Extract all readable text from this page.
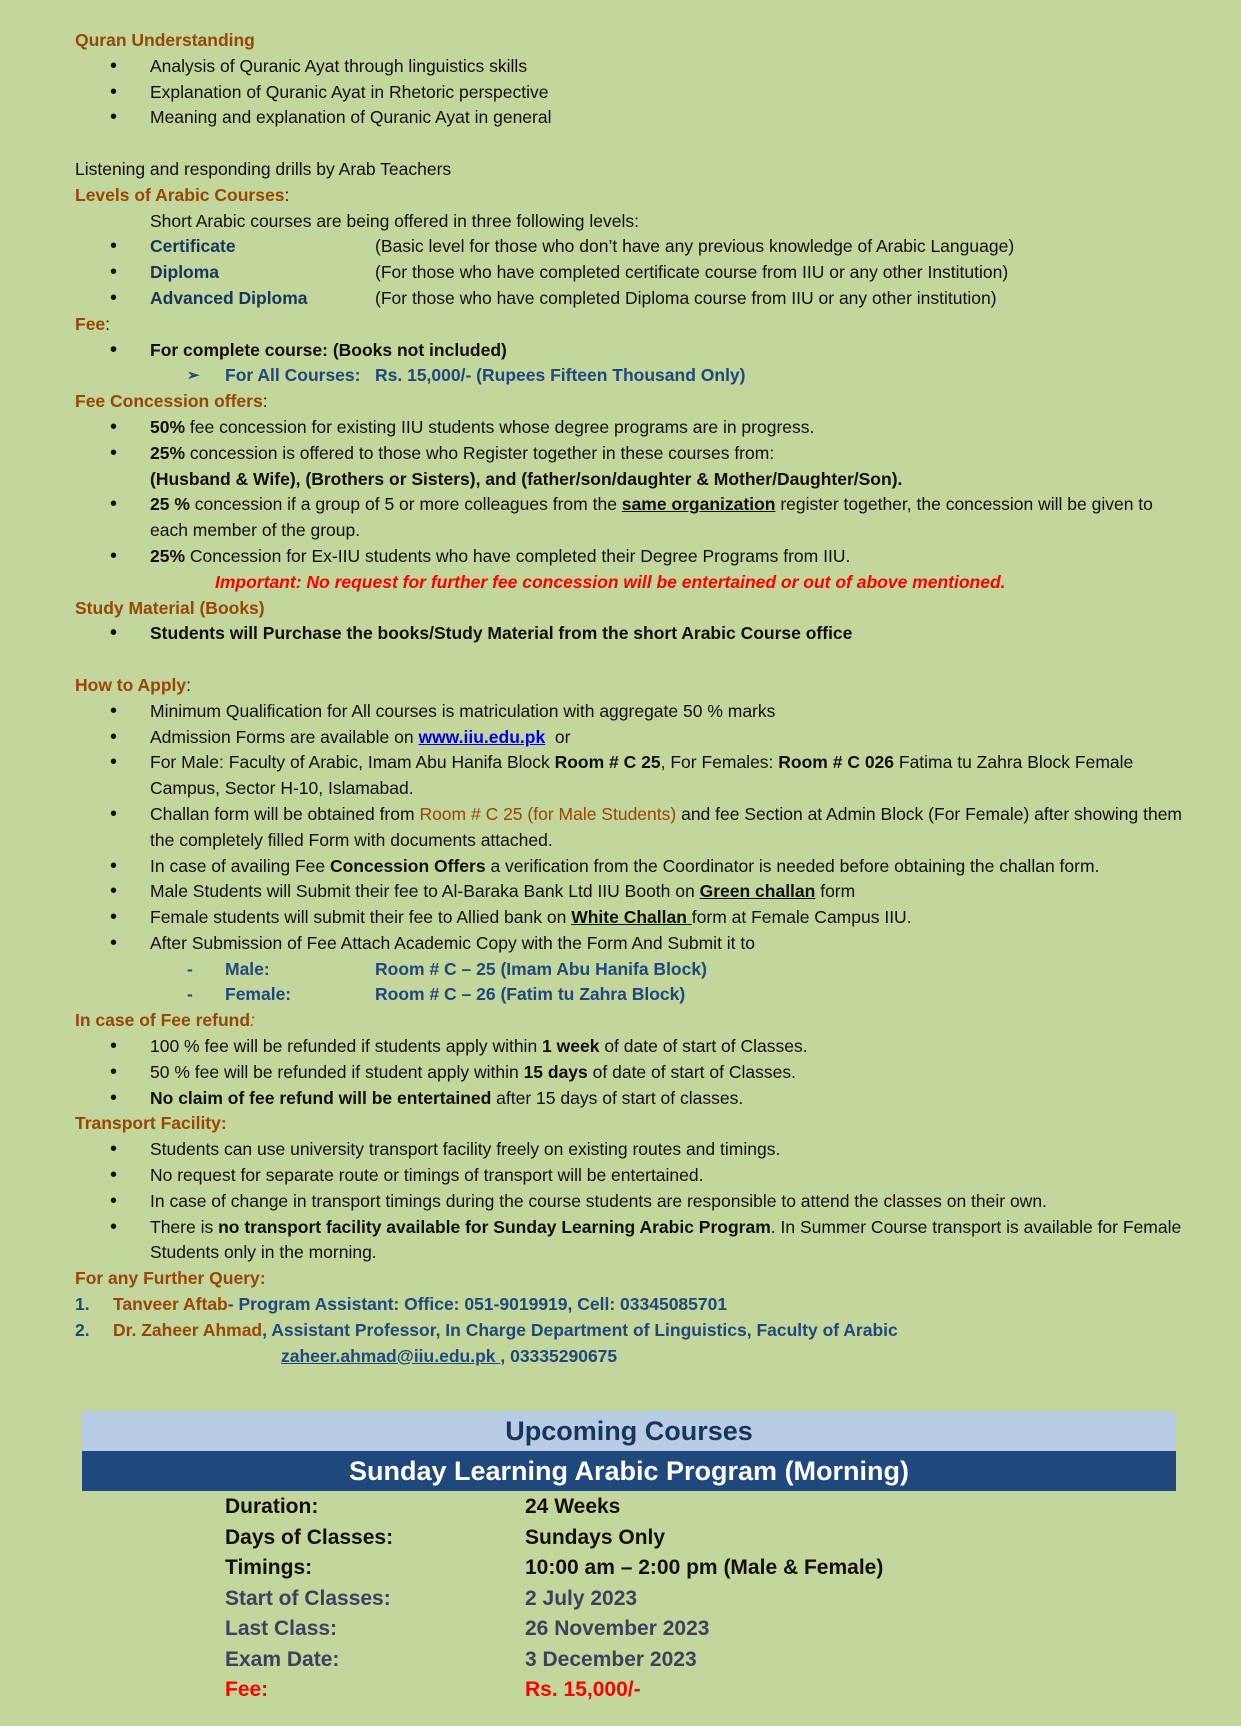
Quran Understanding

• Analysis of Quranic Ayat through linguistics skills
• Explanation of Quranic Ayat in Rhetoric perspective
• Meaning and explanation of Quranic Ayat in general

Listening and responding drills by Arab Teachers

Levels of Arabic Courses:

Short Arabic courses are being offered in three following levels:

• Certificate	(Basic level for those who don’t have any previous knowledge of Arabic Language)
• Diploma	(For those who have completed certificate course from IIU or any other Institution)
• Advanced Diploma	(For those who have completed Diploma course from IIU or any other institution)

Fee:

• For complete course: (Books not included)
➢ For All Courses: Rs. 15,000/- (Rupees Fifteen Thousand Only)

Fee Concession offers:

• 50% fee concession for existing IIU students whose degree programs are in progress.
• 25% concession is offered to those who Register together in these courses from:
(Husband & Wife), (Brothers or Sisters), and (father/son/daughter & Mother/Daughter/Son).
• 25 % concession if a group of 5 or more colleagues from the same organization register together, the concession will be given to each member of the group.
• 25% Concession for Ex-IIU students who have completed their Degree Programs from IIU.

Important: No request for further fee concession will be entertained or out of above mentioned.

Study Material (Books)

• Students will Purchase the books/Study Material from the short Arabic Course office

How to Apply:

• Minimum Qualification for All courses is matriculation with aggregate 50 % marks
• Admission Forms are available on www.iiu.edu.pk  or
• For Male: Faculty of Arabic, Imam Abu Hanifa Block Room # C 25, For Females: Room # C 026 Fatima tu Zahra Block Female Campus, Sector H-10, Islamabad.
• Challan form will be obtained from Room # C 25 (for Male Students) and fee Section at Admin Block (For Female) after showing them the completely filled Form with documents attached.
• In case of availing Fee Concession Offers a verification from the Coordinator is needed before obtaining the challan form.
• Male Students will Submit their fee to Al-Baraka Bank Ltd IIU Booth on Green challan form
• Female students will submit their fee to Allied bank on White Challan form at Female Campus IIU.
• After Submission of Fee Attach Academic Copy with the Form And Submit it to
- Male:	Room # C – 25 (Imam Abu Hanifa Block)
- Female:	Room # C – 26 (Fatim tu Zahra Block)

In case of Fee refund:

• 100 % fee will be refunded if students apply within 1 week of date of start of Classes.
• 50 % fee will be refunded if student apply within 15 days of date of start of Classes.
• No claim of fee refund will be entertained after 15 days of start of classes.

Transport Facility:

• Students can use university transport facility freely on existing routes and timings.
• No request for separate route or timings of transport will be entertained.
• In case of change in transport timings during the course students are responsible to attend the classes on their own.
• There is no transport facility available for Sunday Learning Arabic Program. In Summer Course transport is available for Female Students only in the morning.

For any Further Query:

1.	Tanveer Aftab - Program Assistant: Office: 051-9019919, Cell: 03345085701
2.	Dr. Zaheer Ahmad , Assistant Professor, In Charge Department of Linguistics, Faculty of Arabic
zaheer.ahmad@iiu.edu.pk , 03335290675
Upcoming Courses
Sunday Learning Arabic Program (Morning)
Duration:	24 Weeks
Days of Classes:	Sundays Only
Timings:	10:00 am – 2:00 pm (Male & Female)
Start of Classes:	2 July 2023
Last Class:	26 November 2023
Exam Date:	3 December 2023
Fee:	Rs. 15,000/-
